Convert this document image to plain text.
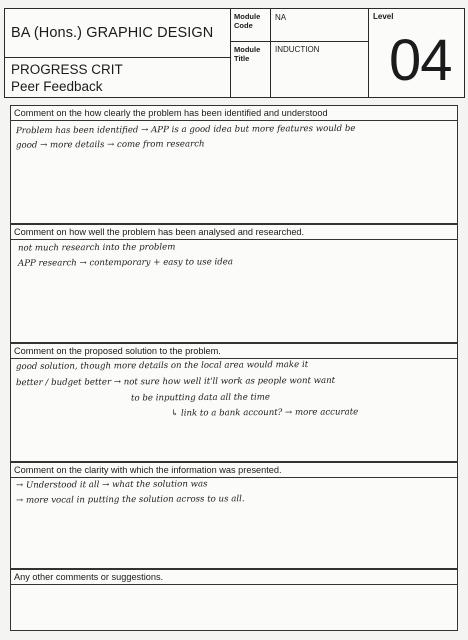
BA (Hons.) GRAPHIC DESIGN
PROGRESS CRIT
Peer Feedback
Module Code
NA
Module Title
INDUCTION
Level
04
Comment on the how clearly the problem has been identified and understood
Problem has been identified → APP is a good idea but more features would be
good → more details → come from research
Comment on how well the problem has been analysed and researched.
not much research into the problem
APP research → contemporary + easy to use idea
Comment on the proposed solution to the problem.
good solution, though more details on the local area would make it
better / budget better → not sure how well it'll work as people wont want
to be inputting data all the time
↳ link to a bank account? → more accurate
Comment on the clarity with which the information was presented.
→ Understood it all → what the solution was
→ more vocal in putting the solution across to us all.
Any other comments or suggestions.
